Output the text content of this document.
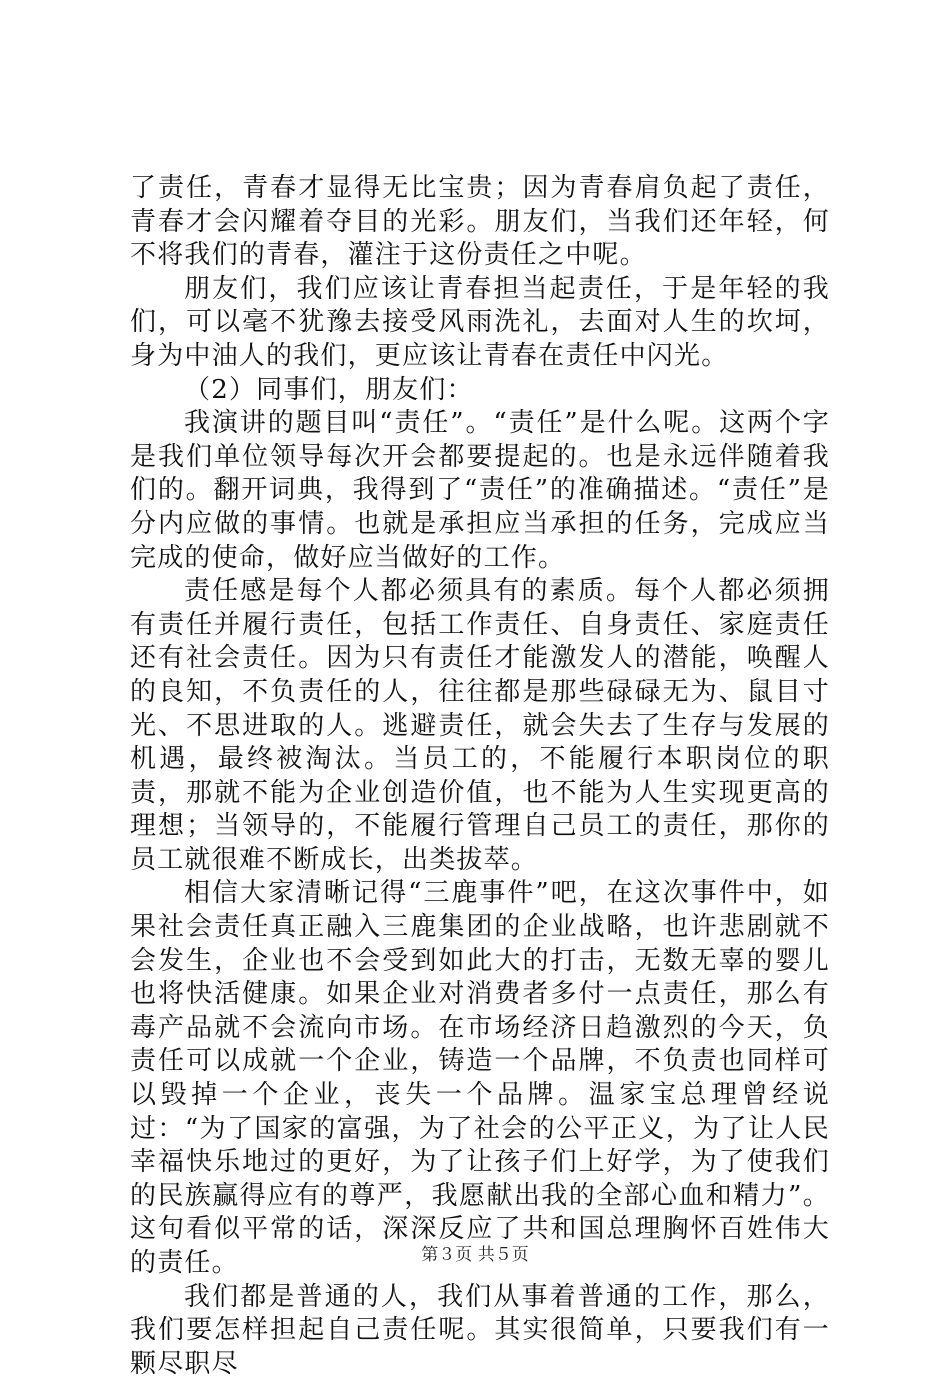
了责任，青春才显得无比宝贵；因为青春肩负起了责任，青春才会闪耀着夺目的光彩。朋友们，当我们还年轻，何不将我们的青春，灌注于这份责任之中呢。

朋友们，我们应该让青春担当起责任，于是年轻的我们，可以毫不犹豫去接受风雨洗礼，去面对人生的坎坷，身为中油人的我们，更应该让青春在责任中闪光。

（2）同事们，朋友们：

我演讲的题目叫“责任”。“责任”是什么呢。这两个字是我们单位领导每次开会都要提起的。也是永远伴随着我们的。翻开词典，我得到了“责任”的准确描述。“责任”是分内应做的事情。也就是承担应当承担的任务，完成应当完成的使命，做好应当做好的工作。

责任感是每个人都必须具有的素质。每个人都必须拥有责任并履行责任，包括工作责任、自身责任、家庭责任还有社会责任。因为只有责任才能激发人的潜能，唤醒人的良知，不负责任的人，往往都是那些碌碌无为、鼠目寸光、不思进取的人。逃避责任，就会失去了生存与发展的机遇，最终被淘汰。当员工的，不能履行本职岗位的职责，那就不能为企业创造价值，也不能为人生实现更高的理想；当领导的，不能履行管理自己员工的责任，那你的员工就很难不断成长，出类拔萃。

相信大家清晰记得“三鹿事件”吧，在这次事件中，如果社会责任真正融入三鹿集团的企业战略，也许悲剧就不会发生，企业也不会受到如此大的打击，无数无辜的婴儿也将快活健康。如果企业对消费者多付一点责任，那么有毒产品就不会流向市场。在市场经济日趋激烈的今天，负责任可以成就一个企业，铸造一个品牌，不负责也同样可以毁掉一个企业，丧失一个品牌。温家宝总理曾经说过：“为了国家的富强，为了社会的公平正义，为了让人民幸福快乐地过的更好，为了让孩子们上好学，为了使我们的民族赢得应有的尊严，我愿献出我的全部心血和精力”。这句看似平常的话，深深反应了共和国总理胸怀百姓伟大的责任。

我们都是普通的人，我们从事着普通的工作，那么，我们要怎样担起自己责任呢。其实很简单，只要我们有一颗尽职尽

第３页 共５页
